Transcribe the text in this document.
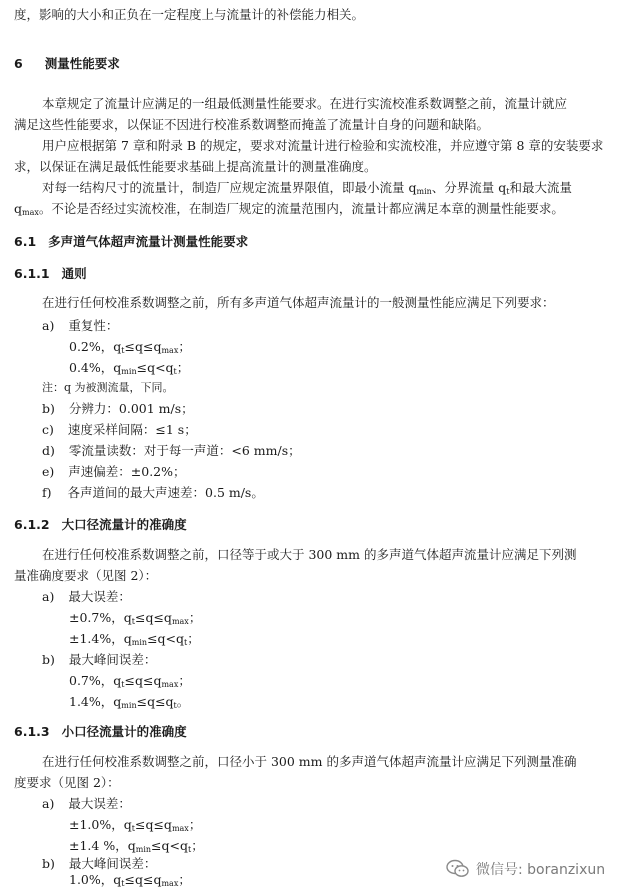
度，影响的大小和正负在一定程度上与流量计的补偿能力相关。
6 测量性能要求
本章规定了流量计应满足的一组最低测量性能要求。在进行实流校准系数调整之前，流量计就应
满足这些性能要求，以保证不因进行校准系数调整而掩盖了流量计自身的问题和缺陷。
用户应根据第 7 章和附录 B 的规定，要求对流量计进行检验和实流校准，并应遵守第 8 章的安装要求
求，以保证在满足最低性能要求基础上提高流量计的测量准确度。
对每一结构尺寸的流量计，制造厂应规定流量界限值，即最小流量 $q_{min}$、分界流量 $q_t$和最大流量
$q_{max}$。不论是否经过实流校准，在制造厂规定的流量范围内，流量计都应满足本章的测量性能要求。
6.1 多声道气体超声流量计测量性能要求
6.1.1 通则
在进行任何校准系数调整之前，所有多声道气体超声流量计的一般测量性能应满足下列要求：
a) 重复性：
0.2%，$q_t\le q\le q_{max}$；
0.4%，$q_{min}\le q<q_t$；
注：q 为被测流量，下同。
b) 分辨力：0.001 m/s；
c) 速度采样间隔：≤1 s；
d) 零流量读数：对于每一声道：<6 mm/s；
e) 声速偏差：±0.2%；
f) 各声道间的最大声速差：0.5 m/s。
6.1.2 大口径流量计的准确度
在进行任何校准系数调整之前，口径等于或大于 300 mm 的多声道气体超声流量计应满足下列测
量准确度要求（见图 2）：
a) 最大误差：
±0.7%，$q_t\le q\le q_{max}$；
±1.4%，$q_{min}\le q<q_t$；
b) 最大峰间误差：
0.7%，$q_t\le q\le q_{max}$；
1.4%，$q_{min}\le q\le q_t$。
6.1.3 小口径流量计的准确度
在进行任何校准系数调整之前，口径小于 300 mm 的多声道气体超声流量计应满足下列测量准确
度要求（见图 2）：
a) 最大误差：
±1.0%，$q_t\le q\le q_{max}$；
±1.4 %，$q_{min}\le q<q_t$；
b) 最大峰间误差：
1.0%，$q_t\le q\le q_{max}$；
微信号: boranzixun
